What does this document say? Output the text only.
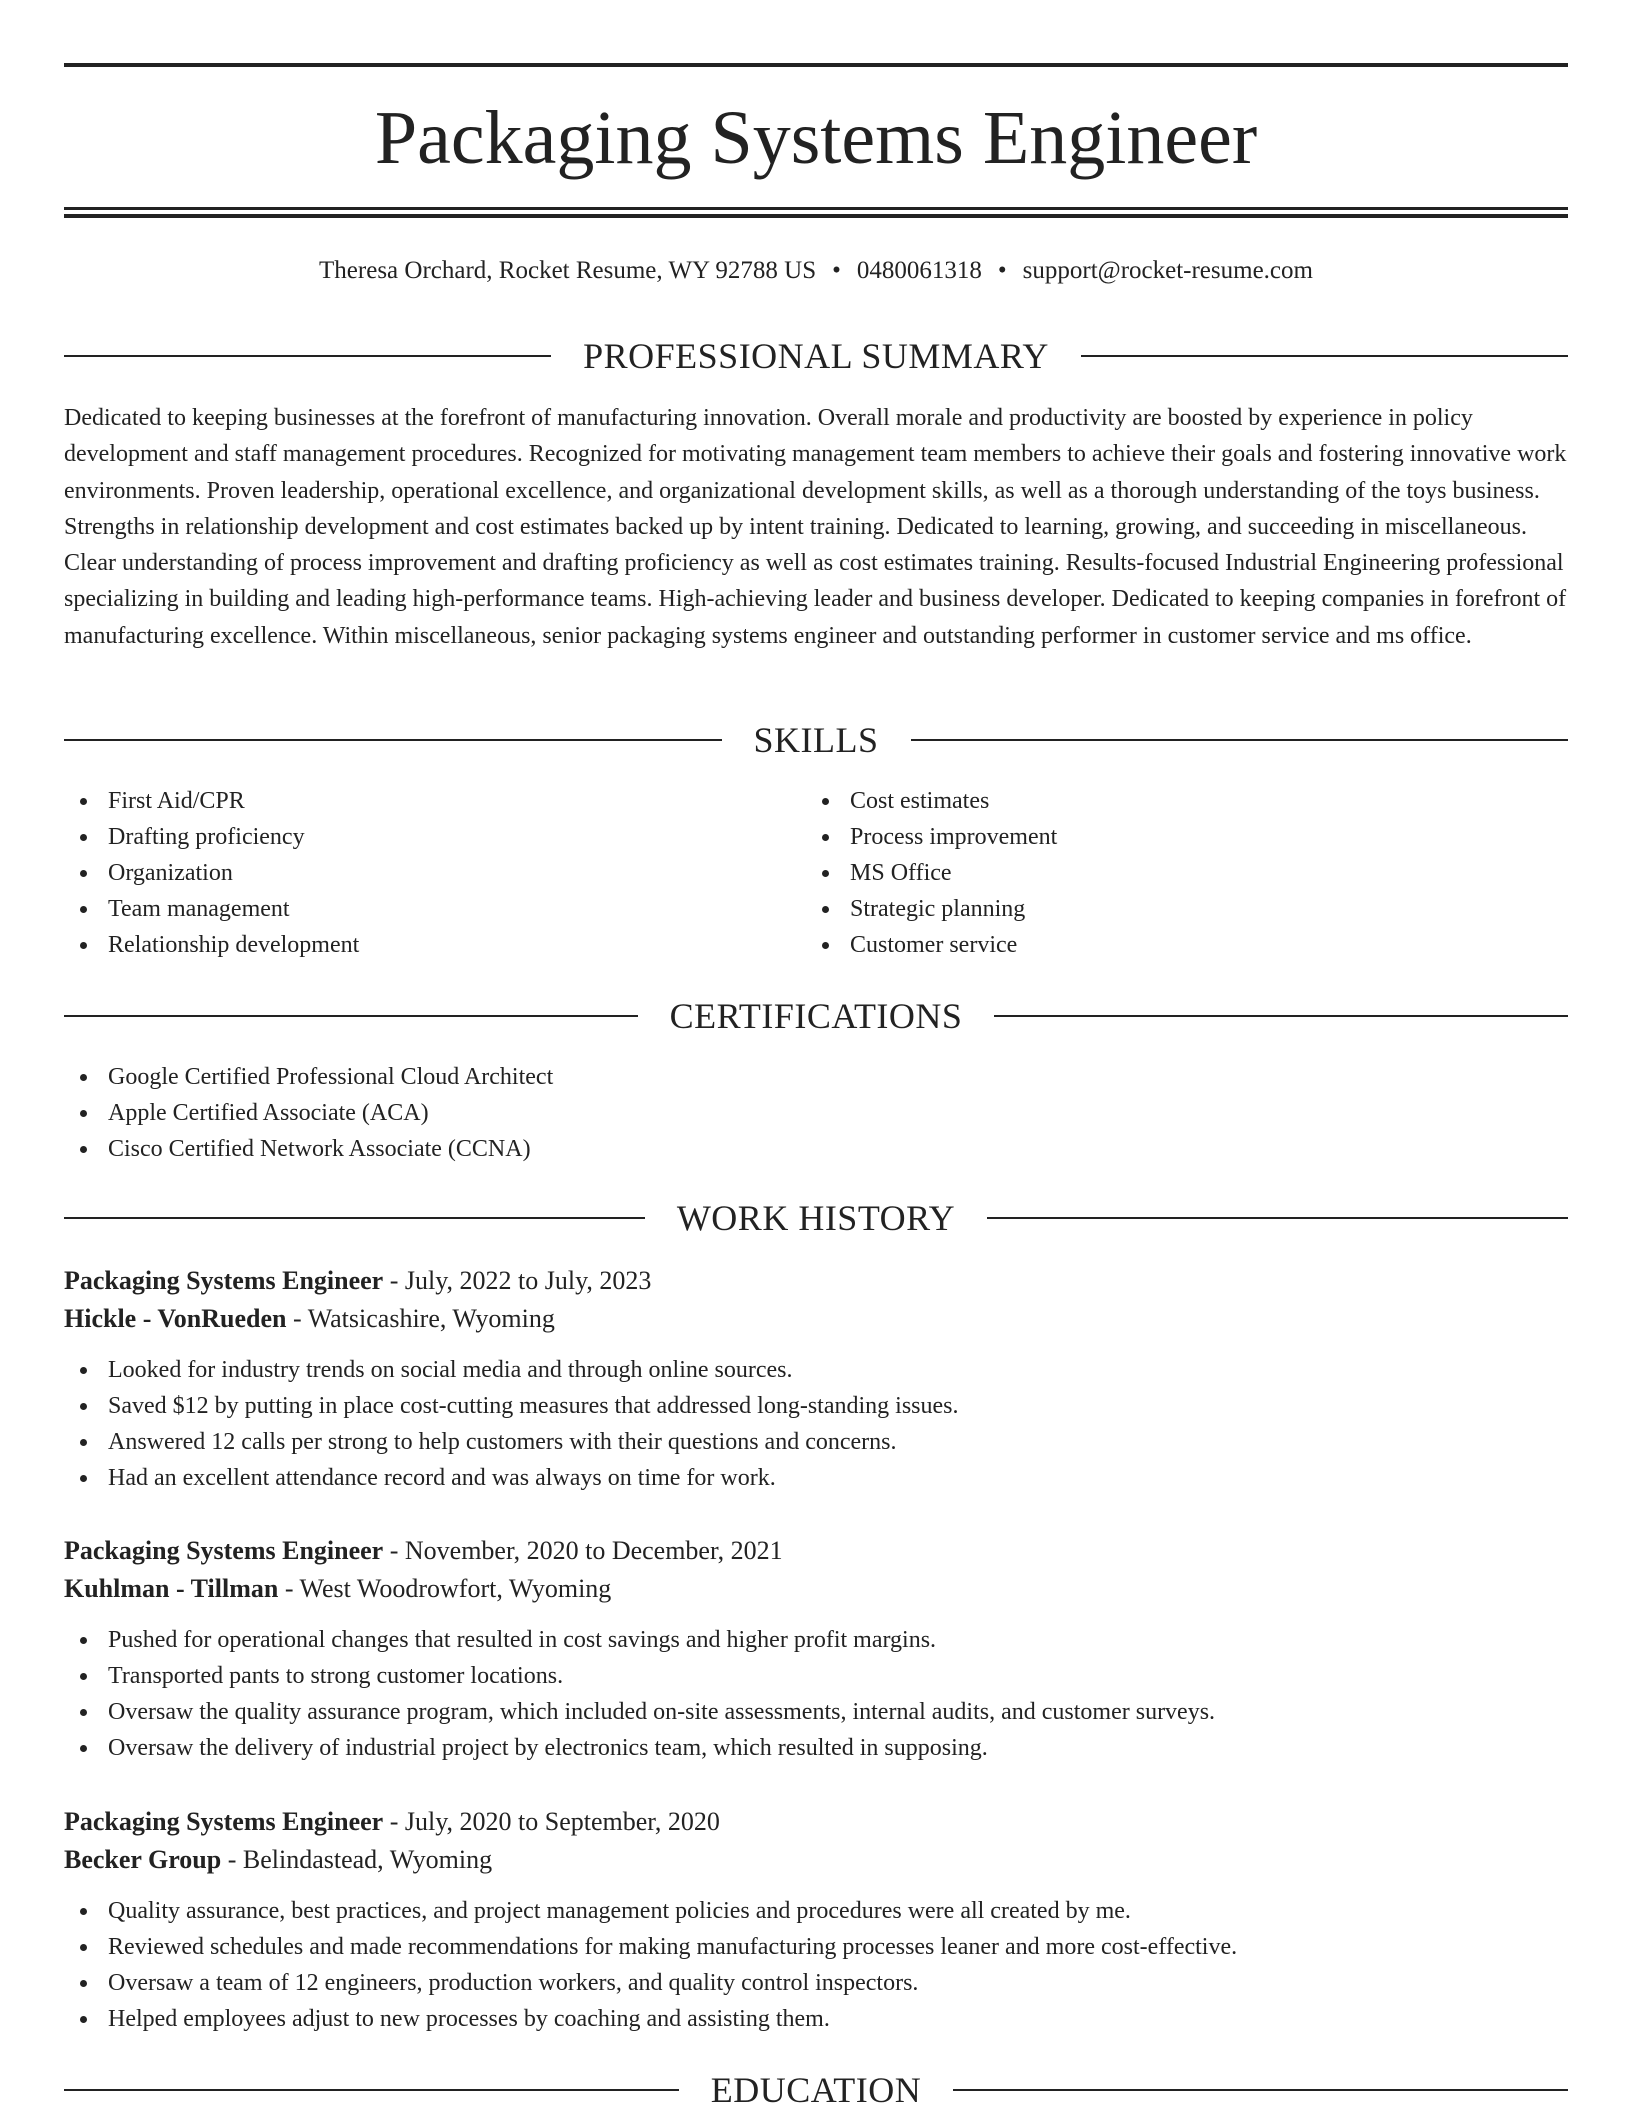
Packaging Systems Engineer
Theresa Orchard, Rocket Resume, WY 92788 US • 0480061318 • support@rocket-resume.com
PROFESSIONAL SUMMARY

Dedicated to keeping businesses at the forefront of manufacturing innovation. Overall morale and productivity are boosted by experience in policy development and staff management procedures. Recognized for motivating management team members to achieve their goals and fostering innovative work environments. Proven leadership, operational excellence, and organizational development skills, as well as a thorough understanding of the toys business. Strengths in relationship development and cost estimates backed up by intent training. Dedicated to learning, growing, and succeeding in miscellaneous. Clear understanding of process improvement and drafting proficiency as well as cost estimates training. Results-focused Industrial Engineering professional specializing in building and leading high-performance teams. High-achieving leader and business developer. Dedicated to keeping companies in forefront of manufacturing excellence. Within miscellaneous, senior packaging systems engineer and outstanding performer in customer service and ms office.

SKILLS
First Aid/CPR
Drafting proficiency
Organization
Team management
Relationship development
Cost estimates
Process improvement
MS Office
Strategic planning
Customer service
CERTIFICATIONS
Google Certified Professional Cloud Architect
Apple Certified Associate (ACA)
Cisco Certified Network Associate (CCNA)
WORK HISTORY
Packaging Systems Engineer - July, 2022 to July, 2023
Hickle - VonRueden - Watsicashire, Wyoming
Looked for industry trends on social media and through online sources.
Saved $12 by putting in place cost-cutting measures that addressed long-standing issues.
Answered 12 calls per strong to help customers with their questions and concerns.
Had an excellent attendance record and was always on time for work.
Packaging Systems Engineer - November, 2020 to December, 2021
Kuhlman - Tillman - West Woodrowfort, Wyoming
Pushed for operational changes that resulted in cost savings and higher profit margins.
Transported pants to strong customer locations.
Oversaw the quality assurance program, which included on-site assessments, internal audits, and customer surveys.
Oversaw the delivery of industrial project by electronics team, which resulted in supposing.
Packaging Systems Engineer - July, 2020 to September, 2020
Becker Group - Belindastead, Wyoming
Quality assurance, best practices, and project management policies and procedures were all created by me.
Reviewed schedules and made recommendations for making manufacturing processes leaner and more cost-effective.
Oversaw a team of 12 engineers, production workers, and quality control inspectors.
Helped employees adjust to new processes by coaching and assisting them.
EDUCATION
